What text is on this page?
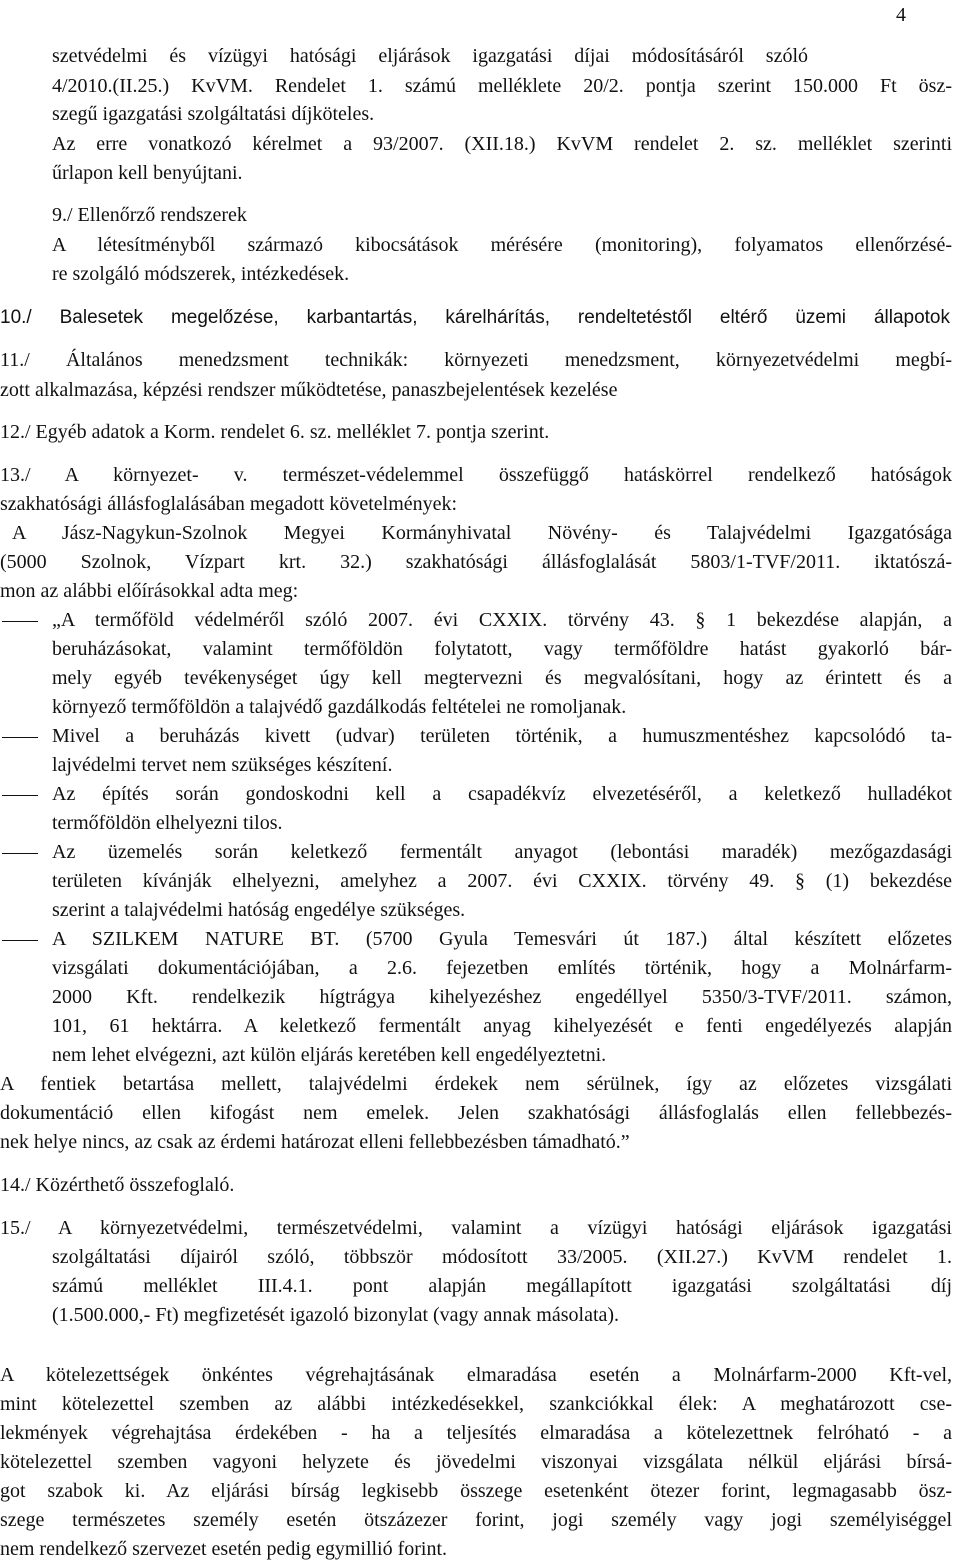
4
szetvédelmi és vízügyi hatósági eljárások igazgatási díjai módosításáról szóló
4/2010.(II.25.) KvVM. Rendelet 1. számú melléklete 20/2. pontja szerint 150.000 Ft ösz-
szegű igazgatási szolgáltatási díjköteles.
Az erre vonatkozó kérelmet a 93/2007. (XII.18.) KvVM rendelet 2. sz. melléklet szerinti
űrlapon kell benyújtani.
9./ Ellenőrző rendszerek
A létesítményből származó kibocsátások mérésére (monitoring), folyamatos ellenőrzésé-
re szolgáló módszerek, intézkedések.
10./ Balesetek megelőzése, karbantartás, kárelhárítás, rendeltetéstől eltérő üzemi állapotok
11./ Általános menedzsment technikák: környezeti menedzsment, környezetvédelmi megbí-
zott alkalmazása, képzési rendszer működtetése, panaszbejelentések kezelése
12./ Egyéb adatok a Korm. rendelet 6. sz. melléklet 7. pontja szerint.
13./ A környezet- v. természet-védelemmel összefüggő hatáskörrel rendelkező hatóságok
szakhatósági állásfoglalásában megadott követelmények:
A Jász-Nagykun-Szolnok Megyei Kormányhivatal Növény- és Talajvédelmi Igazgatósága
(5000 Szolnok, Vízpart krt. 32.) szakhatósági állásfoglalását 5803/1-TVF/2011. iktatószá-
mon az alábbi előírásokkal adta meg:
„A termőföld védelméről szóló 2007. évi CXXIX. törvény 43. § 1 bekezdése alapján, a
beruházásokat, valamint termőföldön folytatott, vagy termőföldre hatást gyakorló bár-
mely egyéb tevékenységet úgy kell megtervezni és megvalósítani, hogy az érintett és a
környező termőföldön a talajvédő gazdálkodás feltételei ne romoljanak.
Mivel a beruházás kivett (udvar) területen történik, a humuszmentéshez kapcsolódó ta-
lajvédelmi tervet nem szükséges készítení.
Az építés során gondoskodni kell a csapadékvíz elvezetéséről, a keletkező hulladékot
termőföldön elhelyezni tilos.
Az üzemelés során keletkező fermentált anyagot (lebontási maradék) mezőgazdasági
területen kívánják elhelyezni, amelyhez a 2007. évi CXXIX. törvény 49. § (1) bekezdése
szerint a talajvédelmi hatóság engedélye szükséges.
A SZILKEM NATURE BT. (5700 Gyula Temesvári út 187.) által készített előzetes
vizsgálati dokumentációjában, a 2.6. fejezetben említés történik, hogy a Molnárfarm-
2000 Kft. rendelkezik hígtrágya kihelyezéshez engedéllyel 5350/3-TVF/2011. számon,
101, 61 hektárra. A keletkező fermentált anyag kihelyezését e fenti engedélyezés alapján
nem lehet elvégezni, azt külön eljárás keretében kell engedélyeztetni.
A fentiek betartása mellett, talajvédelmi érdekek nem sérülnek, így az előzetes vizsgálati
dokumentáció ellen kifogást nem emelek. Jelen szakhatósági állásfoglalás ellen fellebbezés-
nek helye nincs, az csak az érdemi határozat elleni fellebbezésben támadható.”
14./ Közérthető összefoglaló.
15./ A környezetvédelmi, természetvédelmi, valamint a vízügyi hatósági eljárások igazgatási
szolgáltatási díjairól szóló, többször módosított 33/2005. (XII.27.) KvVM rendelet 1.
számú melléklet III.4.1. pont alapján megállapított igazgatási szolgáltatási díj
(1.500.000,- Ft) megfizetését igazoló bizonylat (vagy annak másolata).
A kötelezettségek önkéntes végrehajtásának elmaradása esetén a Molnárfarm-2000 Kft-vel,
mint kötelezettel szemben az alábbi intézkedésekkel, szankciókkal élek: A meghatározott cse-
lekmények végrehajtása érdekében - ha a teljesítés elmaradása a kötelezettnek felróható - a
kötelezettel szemben vagyoni helyzete és jövedelmi viszonyai vizsgálata nélkül eljárási bírsá-
got szabok ki. Az eljárási bírság legkisebb összege esetenként ötezer forint, legmagasabb ösz-
szege természetes személy esetén ötszázezer forint, jogi személy vagy jogi személyiséggel
nem rendelkező szervezet esetén pedig egymillió forint.
